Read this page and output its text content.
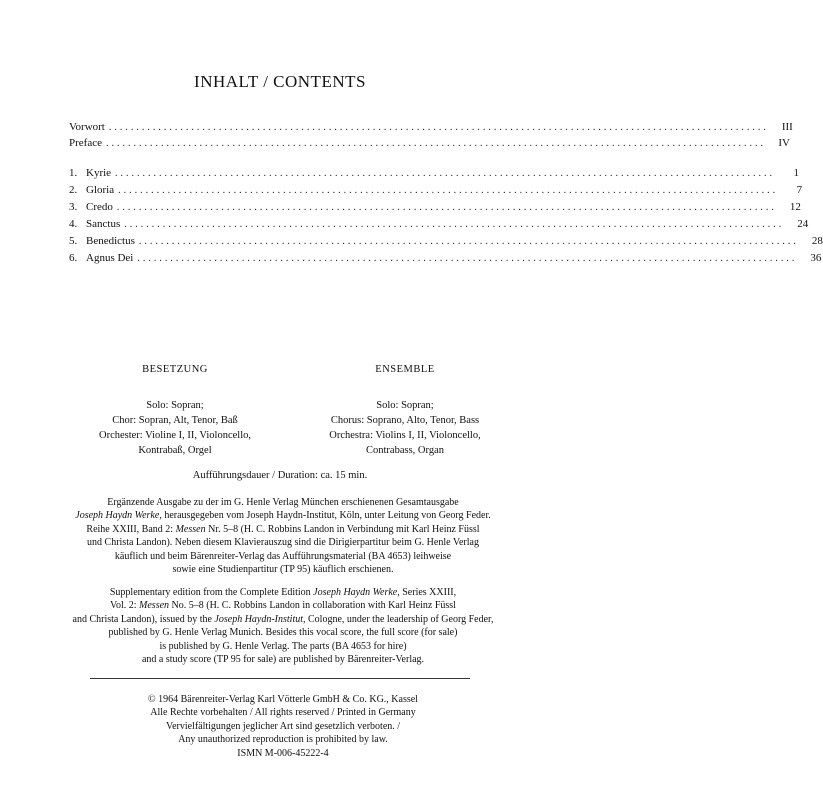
INHALT / CONTENTS
Vorwort ........................................................................................................................	III
Preface ........................................................................................................................	IV
1. Kyrie ........................................................................................................................	1
2. Gloria ........................................................................................................................	7
3. Credo ........................................................................................................................	12
4. Sanctus ........................................................................................................................	24
5. Benedictus ........................................................................................................................	28
6. Agnus Dei ........................................................................................................................	36
BESETZUNG
Solo: Sopran;
Chor: Sopran, Alt, Tenor, Baß
Orchester: Violine I, II, Violoncello,
Kontrabaß, Orgel
ENSEMBLE
Solo: Sopran;
Chorus: Soprano, Alto, Tenor, Bass
Orchestra: Violins I, II, Violoncello,
Contrabass, Organ
Aufführungsdauer / Duration: ca. 15 min.
Ergänzende Ausgabe zu der im G. Henle Verlag München erschienenen Gesamtausgabe
Joseph Haydn Werke, herausgegeben vom Joseph Haydn-Institut, Köln, unter Leitung von Georg Feder.
Reihe XXIII, Band 2: Messen Nr. 5–8 (H. C. Robbins Landon in Verbindung mit Karl Heinz Füssl
und Christa Landon). Neben diesem Klavierauszug sind die Dirigierpartitur beim G. Henle Verlag
käuflich und beim Bärenreiter-Verlag das Aufführungsmaterial (BA 4653) leihweise
sowie eine Studienpartitur (TP 95) käuflich erschienen.
Supplementary edition from the Complete Edition Joseph Haydn Werke, Series XXIII,
Vol. 2: Messen No. 5–8 (H. C. Robbins Landon in collaboration with Karl Heinz Füssl
and Christa Landon), issued by the Joseph Haydn-Institut, Cologne, under the leadership of Georg Feder,
published by G. Henle Verlag Munich. Besides this vocal score, the full score (for sale)
is published by G. Henle Verlag. The parts (BA 4653 for hire)
and a study score (TP 95 for sale) are published by Bärenreiter-Verlag.
© 1964 Bärenreiter-Verlag Karl Vötterle GmbH & Co. KG., Kassel
Alle Rechte vorbehalten / All rights reserved / Printed in Germany
Vervielfältigungen jeglicher Art sind gesetzlich verboten. /
Any unauthorized reproduction is prohibited by law.
ISMN M-006-45222-4
